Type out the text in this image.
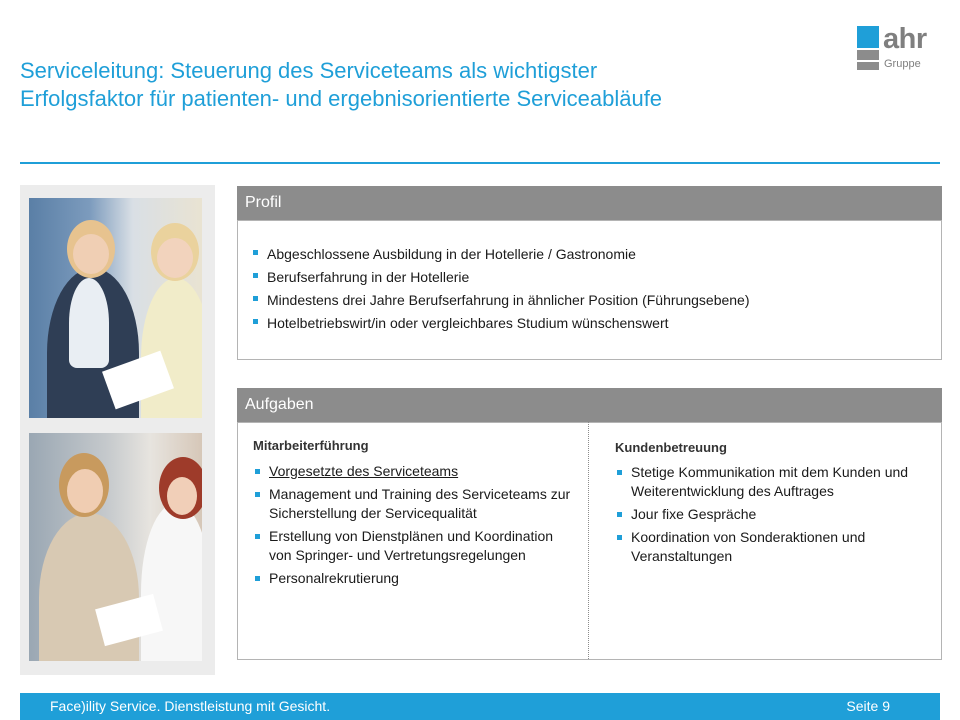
Serviceleitung: Steuerung des Serviceteams als wichtigster
Erfolgsfaktor für patienten- und ergebnisorientierte Serviceabläufe
ahr
Gruppe
Profil
Abgeschlossene Ausbildung in der Hotellerie / Gastronomie
Berufserfahrung in der Hotellerie
Mindestens drei Jahre Berufserfahrung in ähnlicher Position (Führungsebene)
Hotelbetriebswirt/in oder vergleichbares Studium wünschenswert
Aufgaben
Mitarbeiterführung
Vorgesetzte des Serviceteams
Management und Training des Serviceteams zur Sicherstellung der Servicequalität
Erstellung von Dienstplänen und Koordination von Springer- und Vertretungsregelungen
Personalrekrutierung
Kundenbetreuung
Stetige Kommunikation mit dem Kunden und Weiterentwicklung des Auftrages
Jour fixe Gespräche
Koordination von Sonderaktionen und Veranstaltungen
Face)ility Service. Dienstleistung mit Gesicht.	Seite 9
